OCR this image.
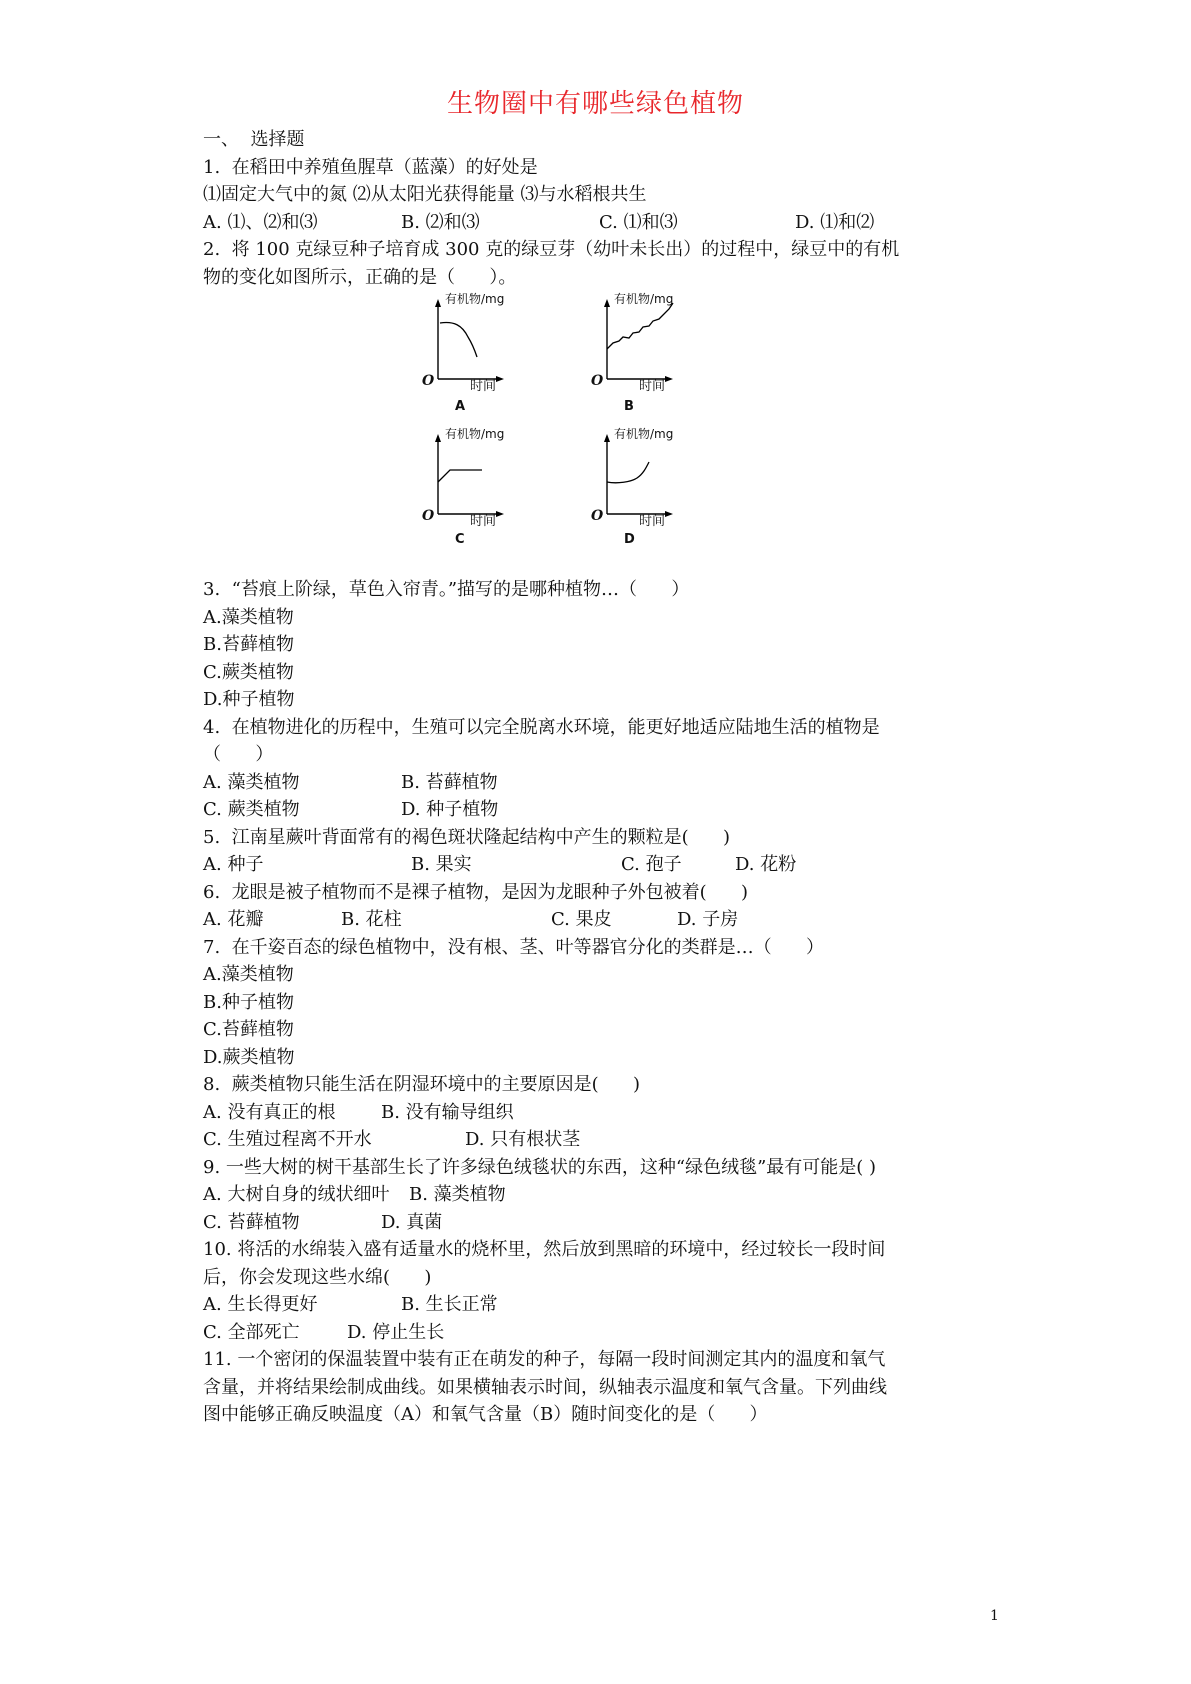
生物圈中有哪些绿色植物
一、  选择题
1.  在稻田中养殖鱼腥草（蓝藻）的好处是
⑴固定大气中的氮 ⑵从太阳光获得能量 ⑶与水稻根共生
A. ⑴、⑵和⑶	B. ⑵和⑶	C. ⑴和⑶	D. ⑴和⑵
2.  将 100 克绿豆种子培育成 300 克的绿豆芽（幼叶未长出）的过程中，绿豆中的有机
物的变化如图所示，正确的是（      ）。
有机物/mg
O	时间
A
有机物/mg
O	时间
B
有机物/mg
O	时间
C
有机物/mg
O	时间
D
3.  “苔痕上阶绿，草色入帘青。”描写的是哪种植物…（      ）
A.藻类植物
B.苔藓植物
C.蕨类植物
D.种子植物
4.  在植物进化的历程中，生殖可以完全脱离水环境，能更好地适应陆地生活的植物是
（      ）
A. 藻类植物	B. 苔藓植物
C. 蕨类植物	D. 种子植物
5.  江南星蕨叶背面常有的褐色斑状隆起结构中产生的颗粒是(      )
A. 种子	B. 果实	C. 孢子	D. 花粉
6.  龙眼是被子植物而不是裸子植物，是因为龙眼种子外包被着(      )
A. 花瓣	B. 花柱	C. 果皮	D. 子房
7.  在千姿百态的绿色植物中，没有根、茎、叶等器官分化的类群是…（      ）
A.藻类植物
B.种子植物
C.苔藓植物
D.蕨类植物
8.  蕨类植物只能生活在阴湿环境中的主要原因是(      )
A. 没有真正的根	B. 没有输导组织
C. 生殖过程离不开水	D. 只有根状茎
9. 一些大树的树干基部生长了许多绿色绒毯状的东西，这种“绿色绒毯”最有可能是( )
A. 大树自身的绒状细叶	B. 藻类植物
C. 苔藓植物	D. 真菌
10. 将活的水绵装入盛有适量水的烧杯里，然后放到黑暗的环境中，经过较长一段时间
后，你会发现这些水绵(      )
A. 生长得更好	B. 生长正常
C. 全部死亡	D. 停止生长
11. 一个密闭的保温装置中装有正在萌发的种子，每隔一段时间测定其内的温度和氧气
含量，并将结果绘制成曲线。如果横轴表示时间，纵轴表示温度和氧气含量。下列曲线
图中能够正确反映温度（A）和氧气含量（B）随时间变化的是（      ）
1
